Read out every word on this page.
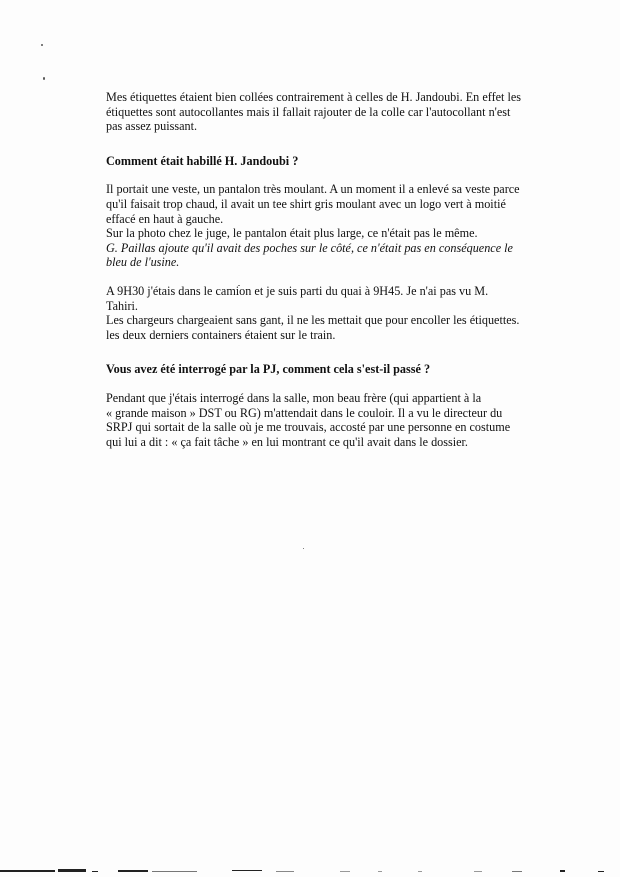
Mes étiquettes étaient bien collées contrairement à celles de H. Jandoubi. En effet les
étiquettes sont autocollantes mais il fallait rajouter de la colle car l'autocollant n'est
pas assez puissant.

Comment était habillé H. Jandoubi ?

Il portait une veste, un pantalon très moulant. A un moment il a enlevé sa veste parce
qu'il faisait trop chaud, il avait un tee shirt gris moulant avec un logo vert à moitié
effacé en haut à gauche.
Sur la photo chez le juge, le pantalon était plus large, ce n'était pas le même.
G. Paillas ajoute qu'il avait des poches sur le côté, ce n'était pas en conséquence le
bleu de l'usine.

A 9H30 j'étais dans le camion et je suis parti du quai à 9H45. Je n'ai pas vu M.
Tahiri.
Les chargeurs chargeaient sans gant, il ne les mettait que pour encoller les étiquettes.
les deux derniers containers étaient sur le train.

Vous avez été interrogé par la PJ, comment cela s'est-il passé ?

Pendant que j'étais interrogé dans la salle, mon beau frère (qui appartient à la
« grande maison » DST ou RG) m'attendait dans le couloir. Il a vu le directeur du
SRPJ qui sortait de la salle où je me trouvais, accosté par une personne en costume
qui lui a dit : « ça fait tâche » en lui montrant ce qu'il avait dans le dossier.
